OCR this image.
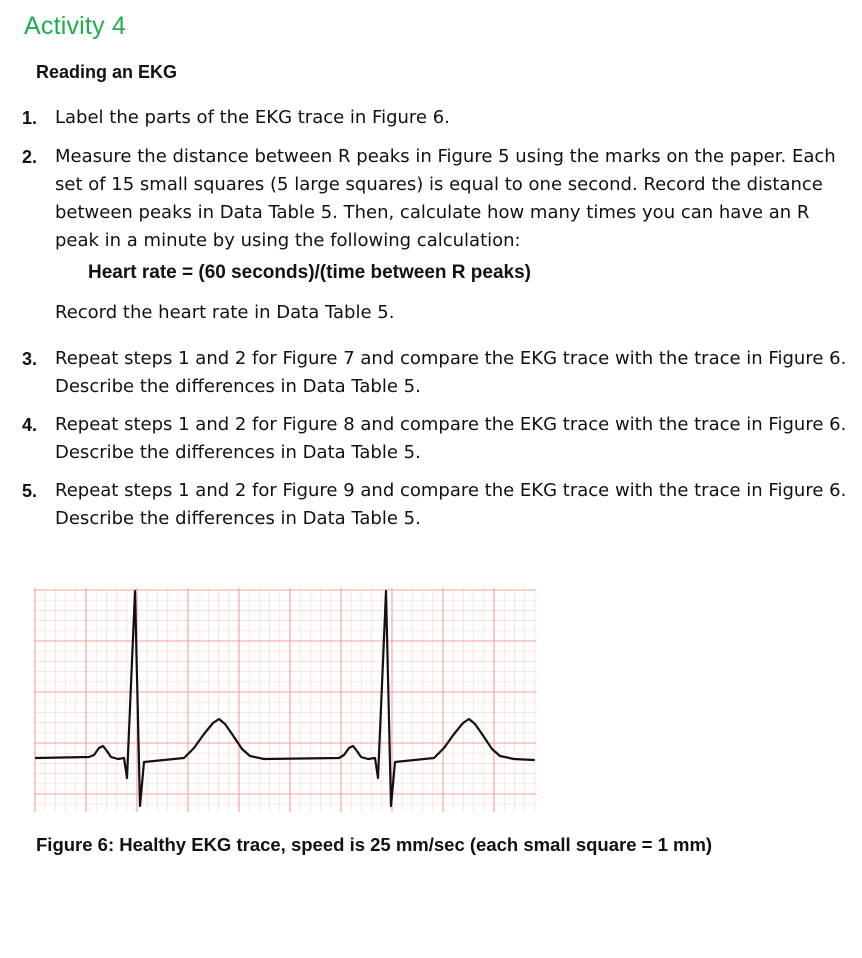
Activity 4
Reading an EKG
1. Label the parts of the EKG trace in Figure 6.
2. Measure the distance between R peaks in Figure 5 using the marks on the paper. Each set of 15 small squares (5 large squares) is equal to one second. Record the distance between peaks in Data Table 5. Then, calculate how many times you can have an R peak in a minute by using the following calculation:
Heart rate = (60 seconds)/(time between R peaks)
Record the heart rate in Data Table 5.
3. Repeat steps 1 and 2 for Figure 7 and compare the EKG trace with the trace in Figure 6. Describe the differences in Data Table 5.
4. Repeat steps 1 and 2 for Figure 8 and compare the EKG trace with the trace in Figure 6. Describe the differences in Data Table 5.
5. Repeat steps 1 and 2 for Figure 9 and compare the EKG trace with the trace in Figure 6. Describe the differences in Data Table 5.
Figure 6: Healthy EKG trace, speed is 25 mm/sec (each small square = 1 mm)
